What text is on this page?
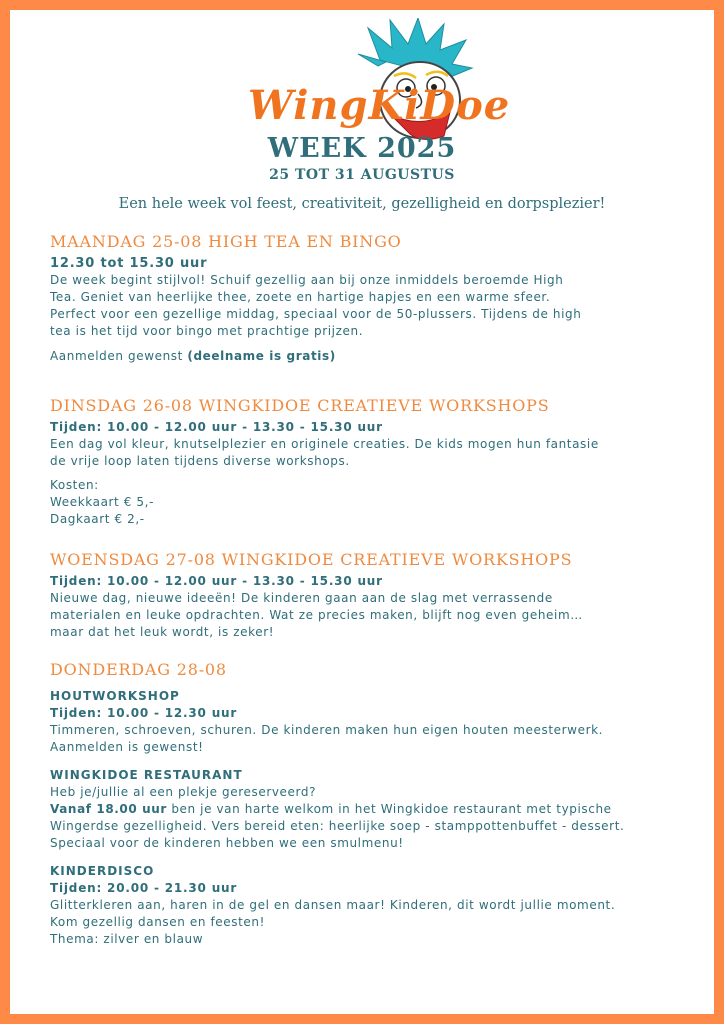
WingKiDoe
WEEK 2025
25 TOT 31 AUGUSTUS
Een hele week vol feest, creativiteit, gezelligheid en dorpsplezier!
MAANDAG 25-08 HIGH TEA EN BINGO
12.30 tot 15.30 uur

De week begint stijlvol! Schuif gezellig aan bij onze inmiddels beroemde High

Tea. Geniet van heerlijke thee, zoete en hartige hapjes en een warme sfeer.

Perfect voor een gezellige middag, speciaal voor de 50-plussers. Tijdens de high

tea is het tijd voor bingo met prachtige prijzen.

Aanmelden gewenst (deelname is gratis)

DINSDAG 26-08 WINGKIDOE CREATIEVE WORKSHOPS
Tijden: 10.00 - 12.00 uur - 13.30 - 15.30 uur

Een dag vol kleur, knutselplezier en originele creaties. De kids mogen hun fantasie

de vrije loop laten tijdens diverse workshops.

Kosten:

Weekkaart € 5,-

Dagkaart € 2,-

WOENSDAG 27-08 WINGKIDOE CREATIEVE WORKSHOPS
Tijden: 10.00 - 12.00 uur - 13.30 - 15.30 uur

Nieuwe dag, nieuwe ideeën! De kinderen gaan aan de slag met verrassende

materialen en leuke opdrachten. Wat ze precies maken, blijft nog even geheim…

maar dat het leuk wordt, is zeker!

DONDERDAG 28-08
HOUTWORKSHOP
Tijden: 10.00 - 12.30 uur

Timmeren, schroeven, schuren. De kinderen maken hun eigen houten meesterwerk.

Aanmelden is gewenst!

WINGKIDOE RESTAURANT

Heb je/jullie al een plekje gereserveerd?

Vanaf 18.00 uur ben je van harte welkom in het Wingkidoe restaurant met typische

Wingerdse gezelligheid. Vers bereid eten: heerlijke soep - stamppottenbuffet - dessert.

Speciaal voor de kinderen hebben we een smulmenu!

KINDERDISCO
Tijden: 20.00 - 21.30 uur

Glitterkleren aan, haren in de gel en dansen maar! Kinderen, dit wordt jullie moment.

Kom gezellig dansen en feesten!

Thema: zilver en blauw
